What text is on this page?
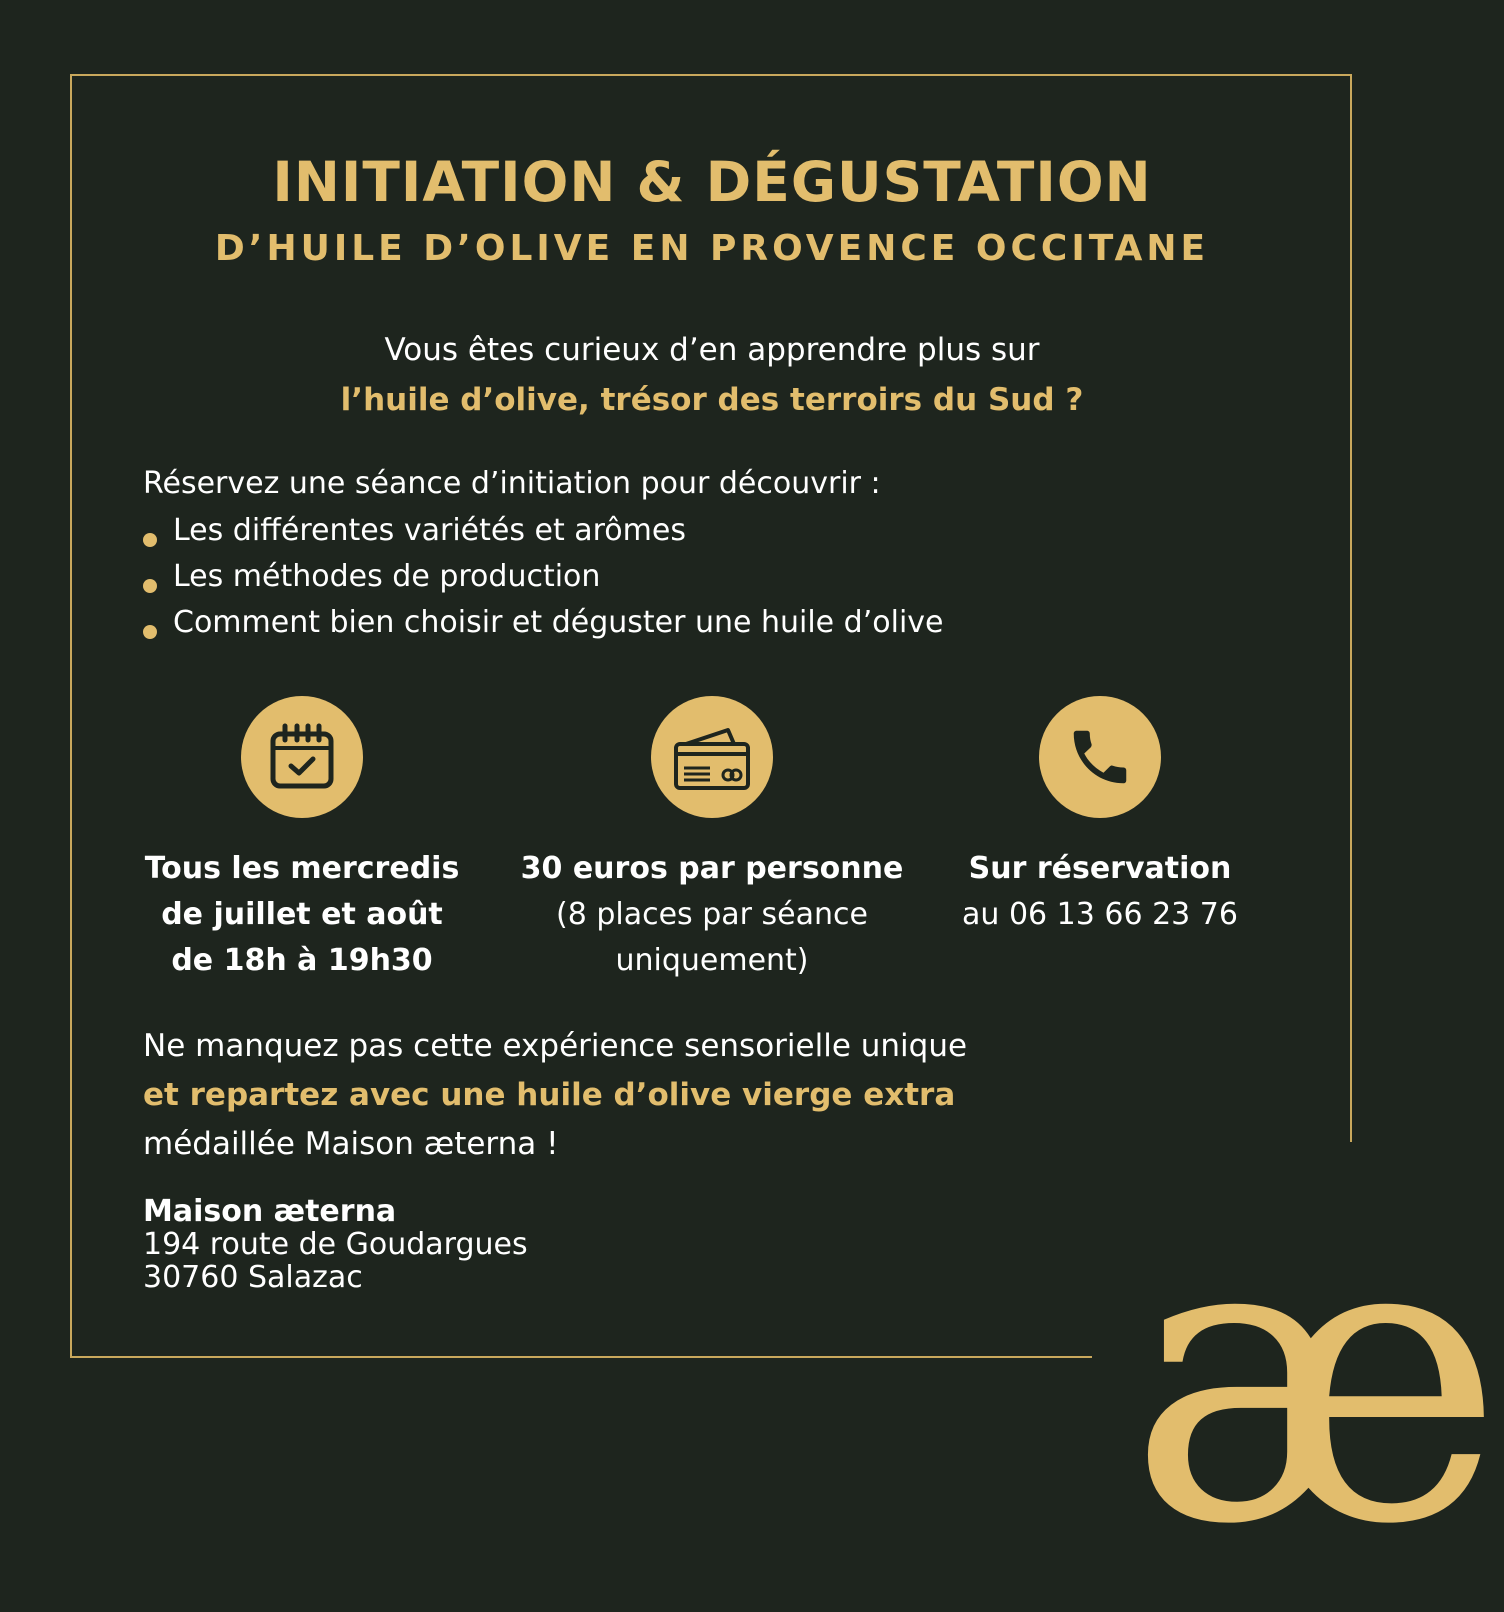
INITIATION & DÉGUSTATION
D’HUILE D’OLIVE EN PROVENCE OCCITANE
Vous êtes curieux d’en apprendre plus sur
l’huile d’olive, trésor des terroirs du Sud ?
Réservez une séance d’initiation pour découvrir :
Les différentes variétés et arômes
Les méthodes de production
Comment bien choisir et déguster une huile d’olive
Tous les mercredis
de juillet et août
de 18h à 19h30
30 euros par personne
(8 places par séance
uniquement)
Sur réservation
au 06 13 66 23 76
Ne manquez pas cette expérience sensorielle unique
et repartez avec une huile d’olive vierge extra
médaillée Maison æterna !
Maison æterna
194 route de Goudargues
30760 Salazac	æ
